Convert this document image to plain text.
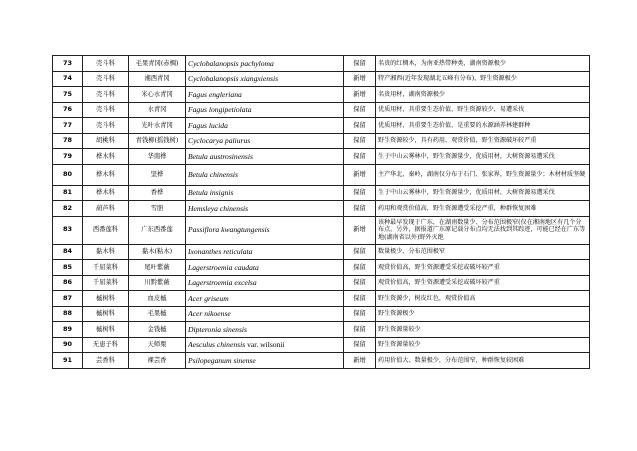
73	壳斗科	毛果青冈(赤椆)	Cyclobalanopsis pachyloma	保留	名贵的红椆木，为南亚热带种类，湖南资源极少
74	壳斗科	湘西青冈	Cyclobalanopsis xiangxiensis	新增	特产湘西(近年发现湖北五峰有分布)，野生资源极少
75	壳斗科	米心水青冈	Fagus engleriana	新增	名贵用材，湖南资源极少
76	壳斗科	水青冈	Fagus longipetiolata	保留	优质用材，具重要生态价值，野生资源较少，易遭采伐
77	壳斗科	光叶水青冈	Fagus lucida	保留	优质用材，具重要生态价值，是重要的水源涵养林建群种
78	胡桃科	青钱柳(摇钱树)	Cyclocarya paliurus	保留	野生资源较少，具有药用、观赏价值，野生资源破坏较严重
79	桦木科	华南桦	Betula austrosinensis	保留	生于中山云雾林中，野生资源量少，优质用材，大树资源易遭采伐
80	桦木科	坚桦	Betula chinensis	新增	主产华北、秦岭，湖南仅分布于石门、张家界，野生资源量少；木材材质坚硬
81	桦木科	香桦	Betula insignis	保留	生于中山云雾林中，野生资源量少，优质用材，大树资源易遭采伐
82	葫芦科	雪胆	Hemsleya chinensis	保留	药用和观赏价值高，野生资源遭受采挖严重，种群恢复困难
83	西番莲科	广东西番莲	Passiflora kwangtungensis	新增	该种最早发现于广东，在湖南数量少、分布范围极窄(仅在湘南地区有几个分布点。另外，据报道广东原记载分布点均无法找到其踪迹，可能已经在广东等地(湖南省以外)野外灭绝
84	黏木科	黏木(粘木)	Ixonanthes reticulata	保留	数量极少、分布范围极窄
85	千屈菜科	尾叶紫薇	Lagerstroemia caudata	保留	观赏价值高，野生资源遭受采挖或破坏较严重
86	千屈菜科	川黔紫薇	Lagerstroemia excelsa	保留	观赏价值高，野生资源遭受采挖或破坏较严重
87	槭树科	血皮槭	Acer griseum	保留	野生资源少，树皮红色，观赏价值高
88	槭树科	毛果槭	Acer nikoense	保留	野生资源极少
89	槭树科	金钱槭	Dipteronia sinensis	保留	野生资源量较少
90	无患子科	天师栗	Aesculus chinensis var. wilsonii	保留	野生资源量较少
91	芸香科	裸芸香	Psilopeganum sinense	新增	药用价值大、数量极少，分布范围窄，种群恢复较困难
